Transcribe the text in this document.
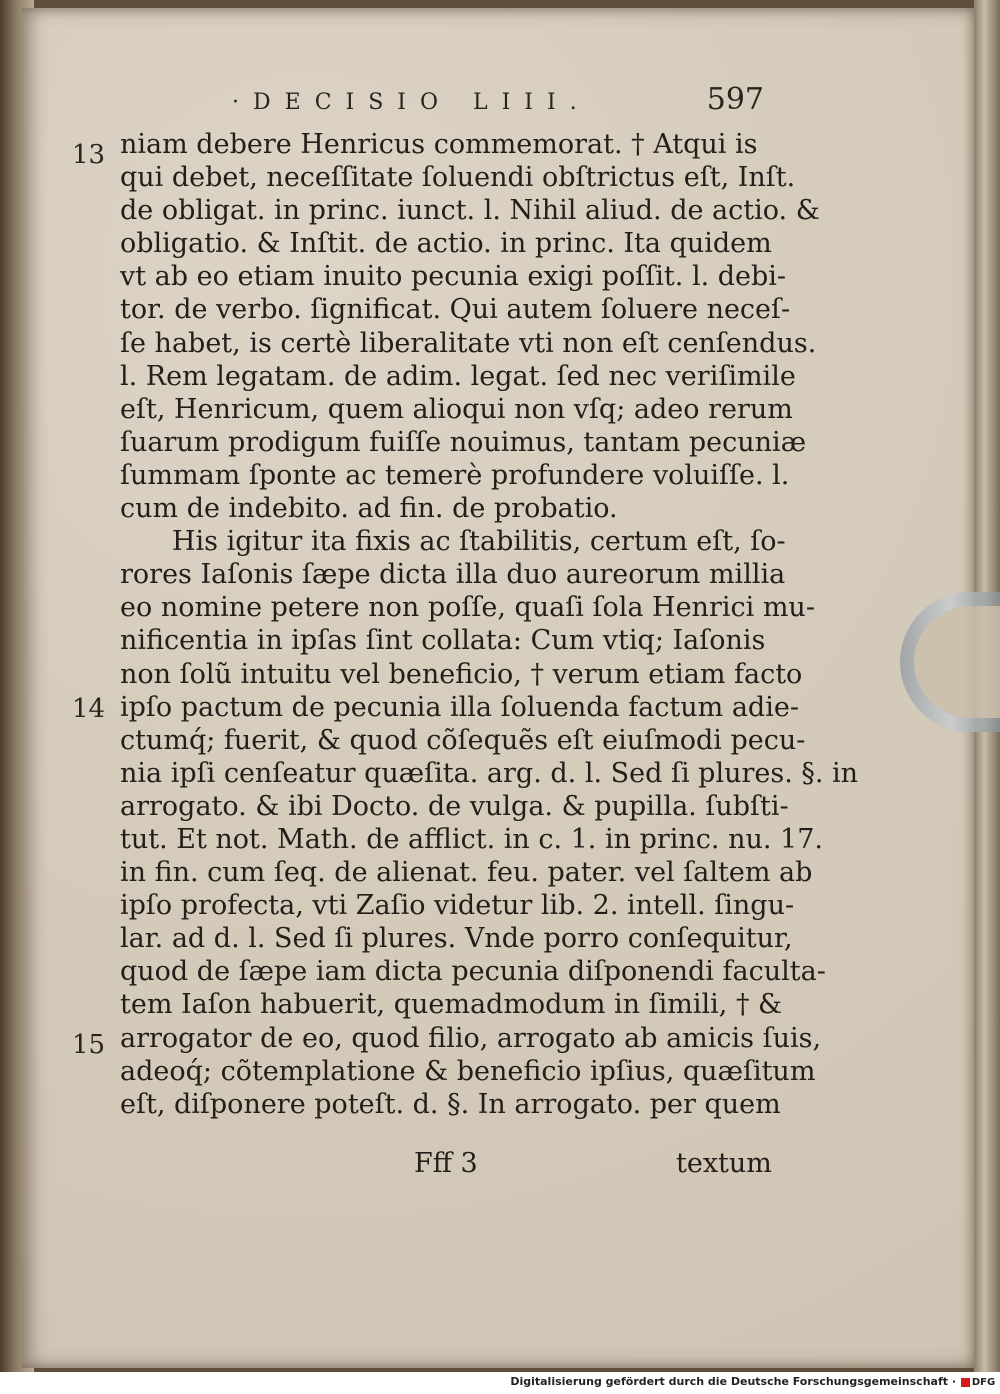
·DECISIO LIII.	597
13
14
15
niam debere Henricus commemorat. † Atqui is
qui debet, neceſſitate ſoluendi obſtrictus eſt, Inſt.
de obligat. in princ. iunct. l. Nihil aliud. de actio. &
obligatio. & Inſtit. de actio. in princ. Ita quidem
vt ab eo etiam inuito pecunia exigi poſſit. l. debi-
tor. de verbo. ſignificat. Qui autem ſoluere neceſ-
ſe habet, is certè liberalitate vti non eſt cenſendus.
l. Rem legatam. de adim. legat. ſed nec veriſimile
eſt, Henricum, quem alioqui non vſq; adeo rerum
ſuarum prodigum fuiſſe nouimus, tantam pecuniæ
ſummam ſponte ac temerè profundere voluiſſe. l.
cum de indebito. ad fin. de probatio.
His igitur ita fixis ac ſtabilitis, certum eſt, ſo-
rores Iaſonis ſæpe dicta illa duo aureorum millia
eo nomine petere non poſſe, quaſi ſola Henrici mu-
nificentia in ipſas ſint collata: Cum vtiq; Iaſonis
non ſolũ intuitu vel beneficio, † verum etiam facto
ipſo pactum de pecunia illa ſoluenda factum adie-
ctumq́; fuerit, & quod cõſequẽs eſt eiuſmodi pecu-
nia ipſi cenſeatur quæſita. arg. d. l. Sed ſi plures. §. in
arrogato. & ibi Docto. de vulga. & pupilla. ſubſti-
tut. Et not. Math. de afflict. in c. 1. in princ. nu. 17.
in fin. cum ſeq. de alienat. feu. pater. vel ſaltem ab
ipſo profecta, vti Zaſio videtur lib. 2. intell. ſingu-
lar. ad d. l. Sed ſi plures. Vnde porro conſequitur,
quod de ſæpe iam dicta pecunia diſponendi faculta-
tem Iaſon habuerit, quemadmodum in ſimili, † &
arrogator de eo, quod filio, arrogato ab amicis ſuis,
adeoq́; cõtemplatione & beneficio ipſius, quæſitum
eſt, diſponere poteſt. d. §. In arrogato. per quem
Fff 3	textum
Digitalisierung gefördert durch die Deutsche Forschungsgemeinschaft ·	DFG
